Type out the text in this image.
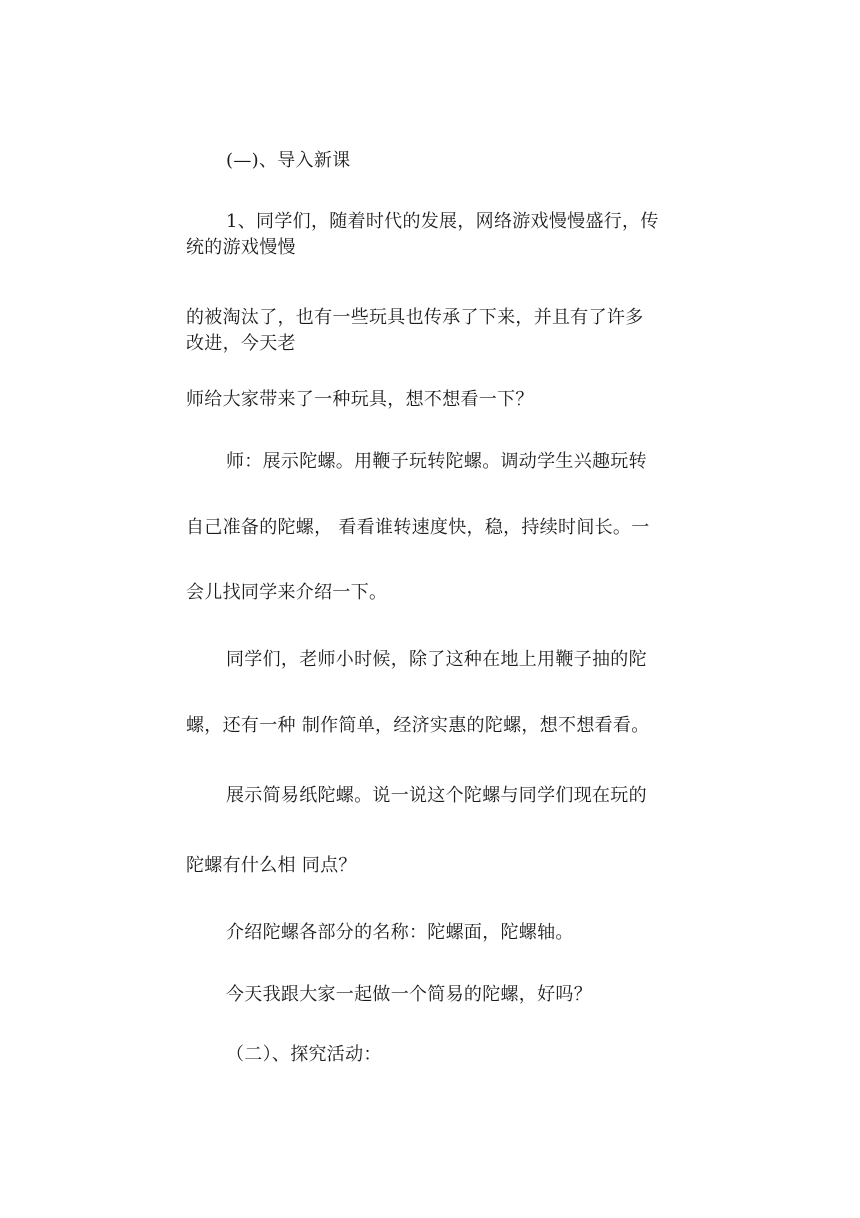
(—)、导入新课
1、同学们，随着时代的发展，网络游戏慢慢盛行，传
统的游戏慢慢
的被淘汰了，也有一些玩具也传承了下来，并且有了许多
改进，今天老
师给大家带来了一种玩具，想不想看一下？
师：展示陀螺。用鞭子玩转陀螺。调动学生兴趣玩转
自己准备的陀螺， 看看谁转速度快，稳，持续时间长。一
会儿找同学来介绍一下。
同学们，老师小时候，除了这种在地上用鞭子抽的陀
螺，还有一种 制作简单，经济实惠的陀螺，想不想看看。
展示简易纸陀螺。说一说这个陀螺与同学们现在玩的
陀螺有什么相 同点？
介绍陀螺各部分的名称：陀螺面，陀螺轴。
今天我跟大家一起做一个简易的陀螺，好吗？
（二）、探究活动：
